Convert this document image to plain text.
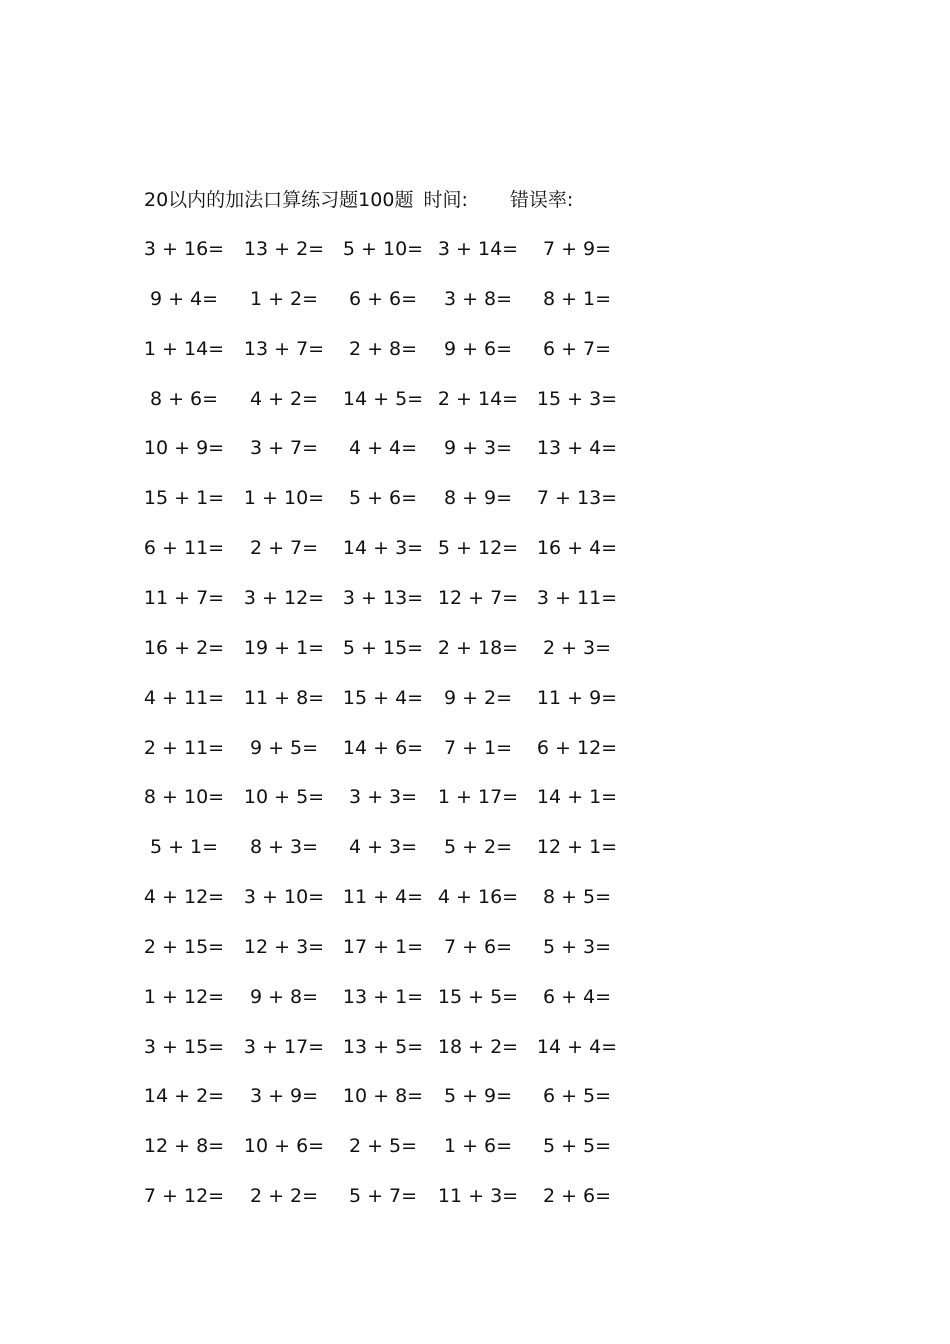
20以内的加法口算练习题100题 时间: 错误率:
3 + 16=	13 + 2= 5 + 10= 3 + 14=	7 + 9=
9 + 4=	1 + 2=	6 + 6=	3 + 8=	8 + 1=
1 + 14=	13 + 7=	2 + 8=	9 + 6=	6 + 7=
8 + 6=	4 + 2=	14 + 5= 2 + 14= 15 + 3=
10 + 9=	3 + 7=	4 + 4=	9 + 3=	13 + 4=
15 + 1=	1 + 10=	5 + 6=	8 + 9=	7 + 13=
6 + 11=	2 + 7=	14 + 3= 5 + 12= 16 + 4=
11 + 7=	3 + 12= 3 + 13= 12 + 7= 3 + 11=
16 + 2=	19 + 1= 5 + 15= 2 + 18=	2 + 3=
4 + 11=	11 + 8= 15 + 4=	9 + 2=	11 + 9=
2 + 11=	9 + 5=	14 + 6=	7 + 1=	6 + 12=
8 + 10=	10 + 5=	3 + 3=	1 + 17= 14 + 1=
5 + 1=	8 + 3=	4 + 3=	5 + 2=	12 + 1=
4 + 12=	3 + 10= 11 + 4= 4 + 16=	8 + 5=
2 + 15=	12 + 3= 17 + 1=	7 + 6=	5 + 3=
1 + 12=	9 + 8=	13 + 1= 15 + 5=	6 + 4=
3 + 15=	3 + 17= 13 + 5= 18 + 2= 14 + 4=
14 + 2=	3 + 9=	10 + 8=	5 + 9=	6 + 5=
12 + 8=	10 + 6=	2 + 5=	1 + 6=	5 + 5=
7 + 12=	2 + 2=	5 + 7=	11 + 3=	2 + 6=
